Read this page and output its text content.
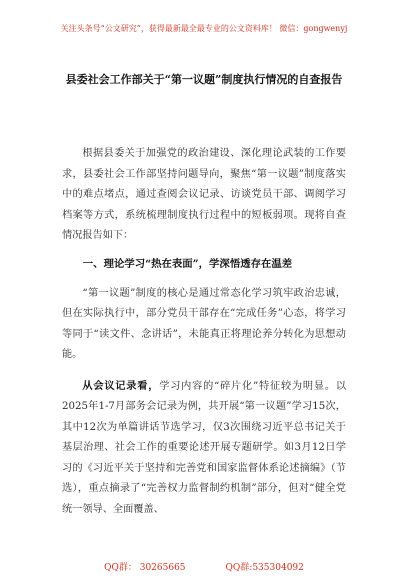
关注头条号“公文研究”，获得最新最全最专业的公文资料库！ 微信：gongwenyj
县委社会工作部关于“第一议题”制度执行情况的自查报告

根据县委关于加强党的政治建设、深化理论武装的工作要求，县委社会工作部坚持问题导向，聚焦“第一议题”制度落实中的难点堵点，通过查阅会议记录、访谈党员干部、调阅学习档案等方式，系统梳理制度执行过程中的短板弱项。现将自查情况报告如下：

一、理论学习“热在表面”，学深悟透存在温差

“第一议题”制度的核心是通过常态化学习筑牢政治忠诚，但在实际执行中，部分党员干部存在“完成任务”心态，将学习等同于“读文件、念讲话”，未能真正将理论养分转化为思想动能。

从会议记录看，学习内容的“碎片化”特征较为明显。以2025年1-7月部务会记录为例，共开展“第一议题”学习15次，其中12次为单篇讲话节选学习，仅3次围绕习近平总书记关于基层治理、社会工作的重要论述开展专题研学。如3月12日学习的《习近平关于坚持和完善党和国家监督体系论述摘编》（节选），重点摘录了“完善权力监督制约机制”部分，但对“健全党统一领导、全面覆盖、

QQ群： 30265665	QQ群:535304092
